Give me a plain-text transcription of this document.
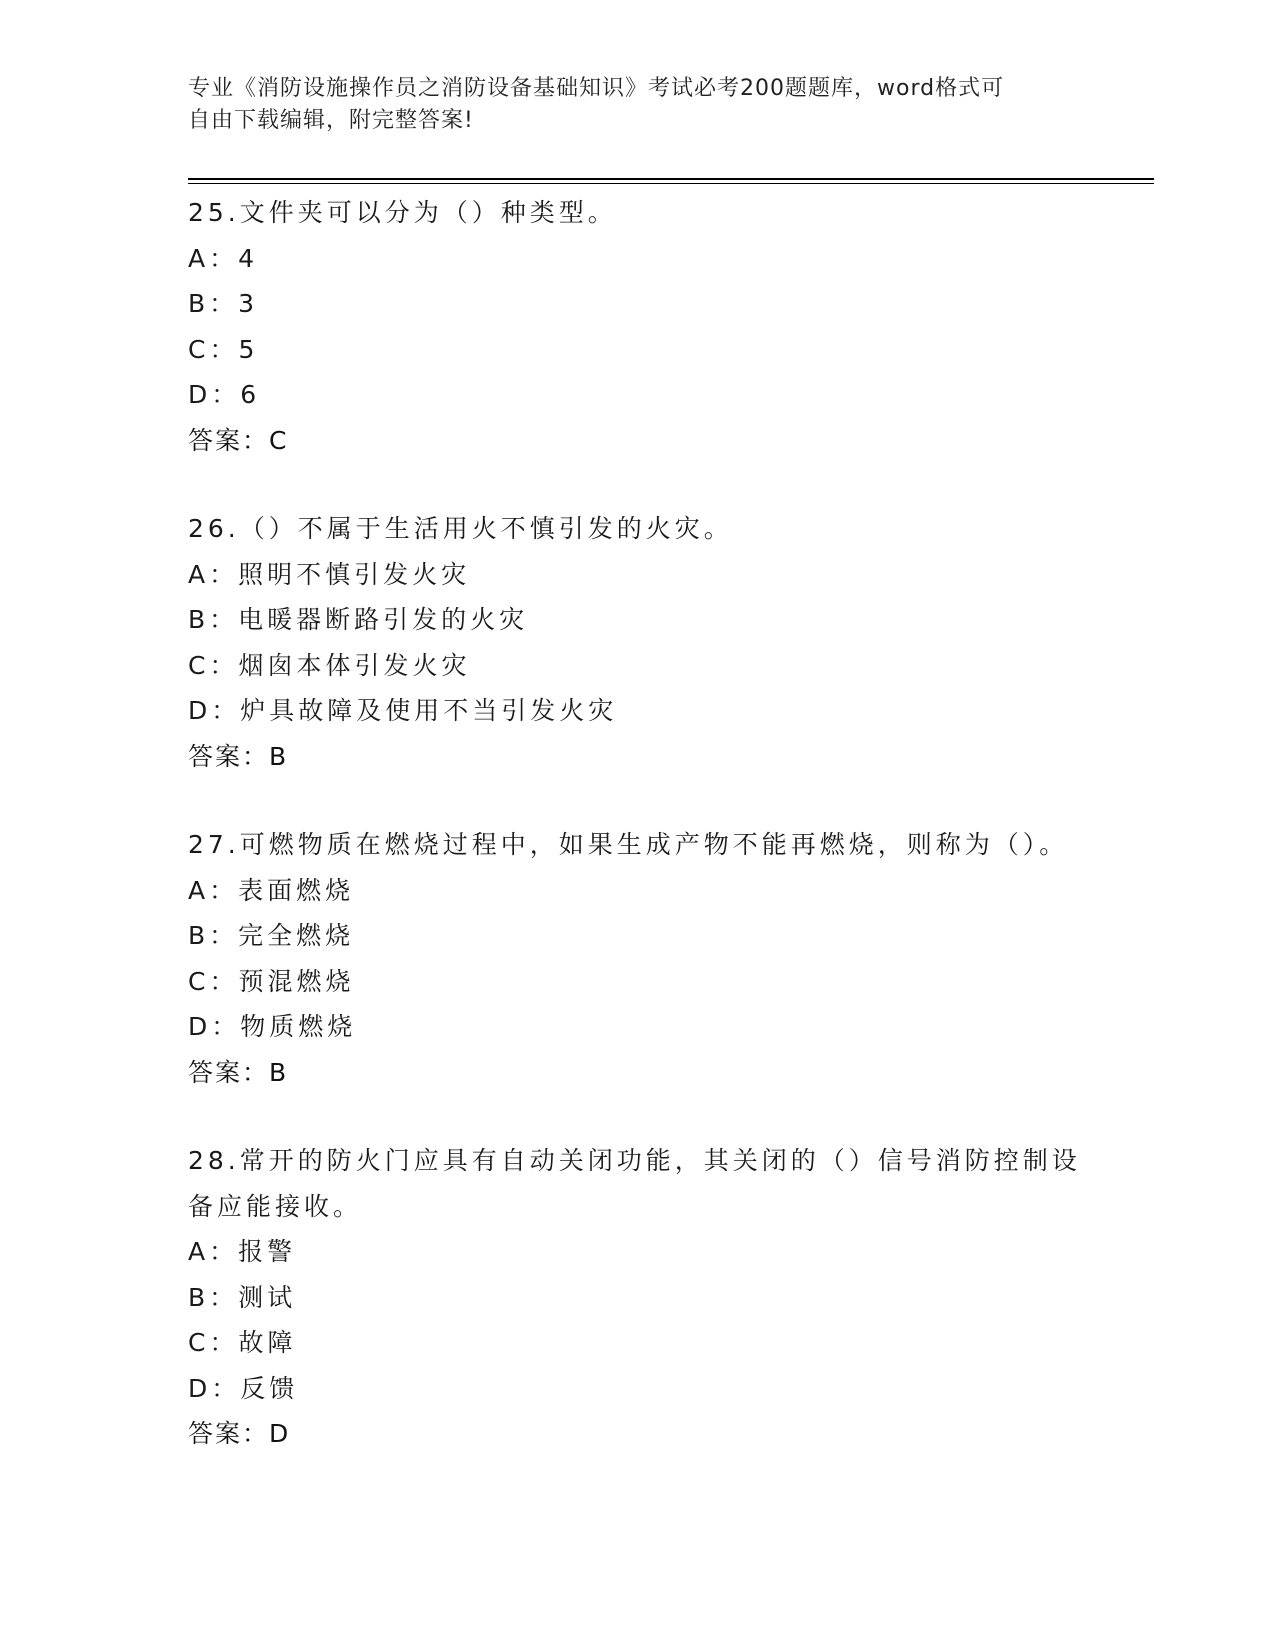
专业《消防设施操作员之消防设备基础知识》考试必考200题题库，word格式可

自由下载编辑，附完整答案!

25.文件夹可以分为（）种类型。
A：4
B：3
C：5
D：6
答案：C
26.（）不属于生活用火不慎引发的火灾。
A：照明不慎引发火灾
B：电暖器断路引发的火灾
C：烟囱本体引发火灾
D：炉具故障及使用不当引发火灾
答案：B
27.可燃物质在燃烧过程中，如果生成产物不能再燃烧，则称为（）。
A：表面燃烧
B：完全燃烧
C：预混燃烧
D：物质燃烧
答案：B
28.常开的防火门应具有自动关闭功能，其关闭的（）信号消防控制设
备应能接收。
A：报警
B：测试
C：故障
D：反馈
答案：D
